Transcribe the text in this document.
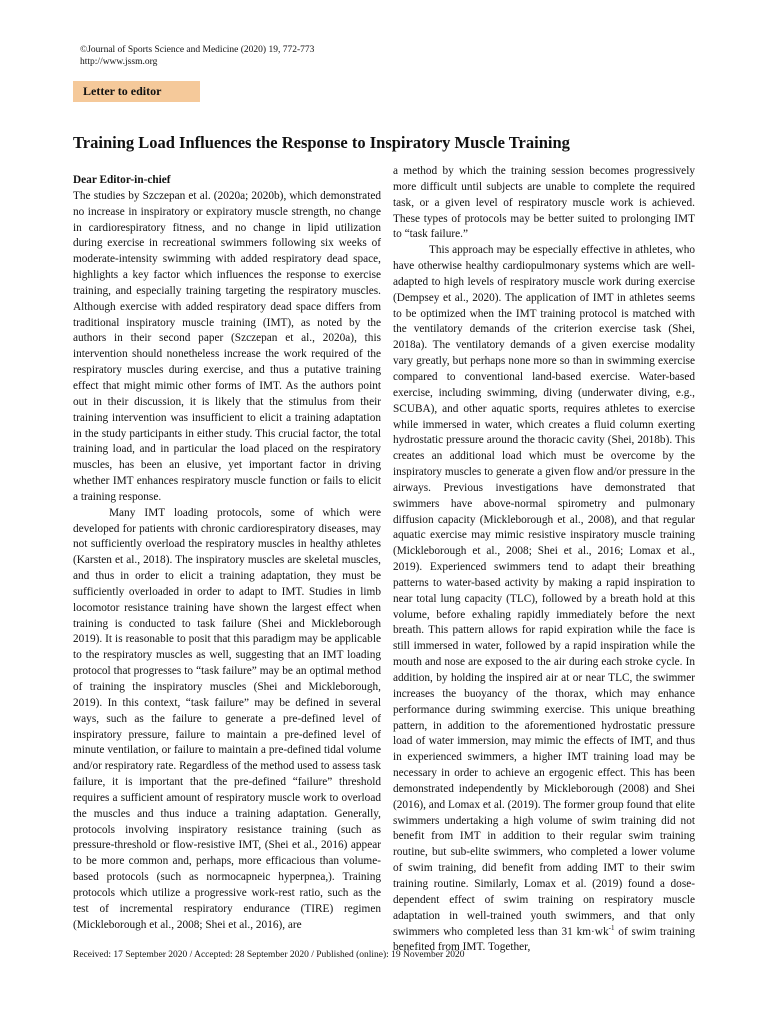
©Journal of Sports Science and Medicine (2020) 19, 772-773
http://www.jssm.org
Letter to editor
Training Load Influences the Response to Inspiratory Muscle Training

Dear Editor-in-chief

The studies by Szczepan et al. (2020a; 2020b), which demonstrated no increase in inspiratory or expiratory muscle strength, no change in cardiorespiratory fitness, and no change in lipid utilization during exercise in recreational swimmers following six weeks of moderate-intensity swimming with added respiratory dead space, highlights a key factor which influences the response to exercise training, and especially training targeting the respiratory muscles. Although exercise with added respiratory dead space differs from traditional inspiratory muscle training (IMT), as noted by the authors in their second paper (Szczepan et al., 2020a), this intervention should nonetheless increase the work required of the respiratory muscles during exercise, and thus a putative training effect that might mimic other forms of IMT. As the authors point out in their discussion, it is likely that the stimulus from their training intervention was insufficient to elicit a training adaptation in the study participants in either study. This crucial factor, the total training load, and in particular the load placed on the respiratory muscles, has been an elusive, yet important factor in driving whether IMT enhances respiratory muscle function or fails to elicit a training response.

Many IMT loading protocols, some of which were developed for patients with chronic cardiorespiratory diseases, may not sufficiently overload the respiratory muscles in healthy athletes (Karsten et al., 2018). The inspiratory muscles are skeletal muscles, and thus in order to elicit a training adaptation, they must be sufficiently overloaded in order to adapt to IMT. Studies in limb locomotor resistance training have shown the largest effect when training is conducted to task failure (Shei and Mickleborough 2019). It is reasonable to posit that this paradigm may be applicable to the respiratory muscles as well, suggesting that an IMT loading protocol that progresses to “task failure” may be an optimal method of training the inspiratory muscles (Shei and Mickleborough, 2019). In this context, “task failure” may be defined in several ways, such as the failure to generate a pre-defined level of inspiratory pressure, failure to maintain a pre-defined level of minute ventilation, or failure to maintain a pre-defined tidal volume and/or respiratory rate. Regardless of the method used to assess task failure, it is important that the pre-defined “failure” threshold requires a sufficient amount of respiratory muscle work to overload the muscles and thus induce a training adaptation. Generally, protocols involving inspiratory resistance training (such as pressure-threshold or flow-resistive IMT, (Shei et al., 2016) appear to be more common and, perhaps, more efficacious than volume-based protocols (such as normocapneic hyperpnea,). Training protocols which utilize a progressive work-rest ratio, such as the test of incremental respiratory endurance (TIRE) regimen (Mickleborough et al., 2008; Shei et al., 2016), are

a method by which the training session becomes progressively more difficult until subjects are unable to complete the required task, or a given level of respiratory muscle work is achieved. These types of protocols may be better suited to prolonging IMT to “task failure.”

This approach may be especially effective in athletes, who have otherwise healthy cardiopulmonary systems which are well-adapted to high levels of respiratory muscle work during exercise (Dempsey et al., 2020). The application of IMT in athletes seems to be optimized when the IMT training protocol is matched with the ventilatory demands of the criterion exercise task (Shei, 2018a). The ventilatory demands of a given exercise modality vary greatly, but perhaps none more so than in swimming exercise compared to conventional land-based exercise. Water-based exercise, including swimming, diving (underwater diving, e.g., SCUBA), and other aquatic sports, requires athletes to exercise while immersed in water, which creates a fluid column exerting hydrostatic pressure around the thoracic cavity (Shei, 2018b). This creates an additional load which must be overcome by the inspiratory muscles to generate a given flow and/or pressure in the airways. Previous investigations have demonstrated that swimmers have above-normal spirometry and pulmonary diffusion capacity (Mickleborough et al., 2008), and that regular aquatic exercise may mimic resistive inspiratory muscle training (Mickleborough et al., 2008; Shei et al., 2016; Lomax et al., 2019). Experienced swimmers tend to adapt their breathing patterns to water-based activity by making a rapid inspiration to near total lung capacity (TLC), followed by a breath hold at this volume, before exhaling rapidly immediately before the next breath. This pattern allows for rapid expiration while the face is still immersed in water, followed by a rapid inspiration while the mouth and nose are exposed to the air during each stroke cycle. In addition, by holding the inspired air at or near TLC, the swimmer increases the buoyancy of the thorax, which may enhance performance during swimming exercise. This unique breathing pattern, in addition to the aforementioned hydrostatic pressure load of water immersion, may mimic the effects of IMT, and thus in experienced swimmers, a higher IMT training load may be necessary in order to achieve an ergogenic effect. This has been demonstrated independently by Mickleborough (2008) and Shei (2016), and Lomax et al. (2019). The former group found that elite swimmers undertaking a high volume of swim training did not benefit from IMT in addition to their regular swim training routine, but sub-elite swimmers, who completed a lower volume of swim training, did benefit from adding IMT to their swim training routine. Similarly, Lomax et al. (2019) found a dose-dependent effect of swim training on respiratory muscle adaptation in well-trained youth swimmers, and that only swimmers who completed less than 31 $km\cdot wk^{-1}$ of swim training benefited from IMT. Together,

Received: 17 September 2020 / Accepted: 28 September 2020 / Published (online): 19 November 2020
